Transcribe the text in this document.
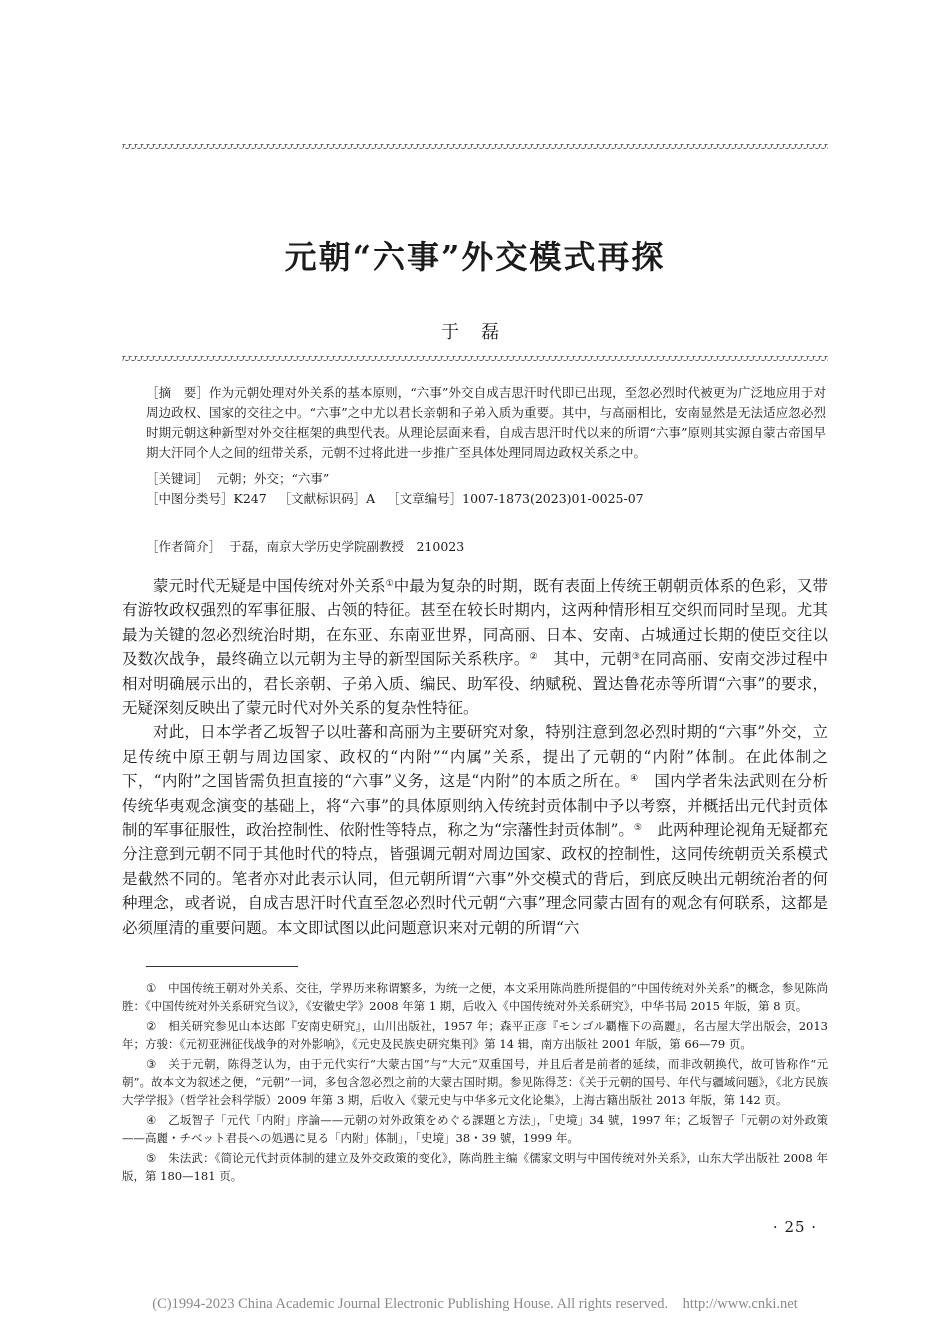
元朝“六事”外交模式再探
于磊
［摘　要］作为元朝处理对外关系的基本原则，“六事”外交自成吉思汗时代即已出现，至忽必烈时代被更为广泛地应用于对周边政权、国家的交往之中。“六事”之中尤以君长亲朝和子弟入质为重要。其中，与高丽相比，安南显然是无法适应忽必烈时期元朝这种新型对外交往框架的典型代表。从理论层面来看，自成吉思汗时代以来的所谓“六事”原则其实源自蒙古帝国早期大汗同个人之间的纽带关系，元朝不过将此进一步推广至具体处理同周边政权关系之中。
［关键词］ 元朝；外交；“六事”
［中图分类号］K247 ［文献标识码］A ［文章编号］1007-1873(2023)01-0025-07
［作者简介］ 于磊，南京大学历史学院副教授　210023

蒙元时代无疑是中国传统对外关系①中最为复杂的时期，既有表面上传统王朝朝贡体系的色彩，又带有游牧政权强烈的军事征服、占领的特征。甚至在较长时期内，这两种情形相互交织而同时呈现。尤其最为关键的忽必烈统治时期，在东亚、东南亚世界，同高丽、日本、安南、占城通过长期的使臣交往以及数次战争，最终确立以元朝为主导的新型国际关系秩序。②　其中，元朝③在同高丽、安南交涉过程中相对明确展示出的，君长亲朝、子弟入质、编民、助军役、纳赋税、置达鲁花赤等所谓“六事”的要求，无疑深刻反映出了蒙元时代对外关系的复杂性特征。

对此，日本学者乙坂智子以吐蕃和高丽为主要研究对象，特别注意到忽必烈时期的“六事”外交，立足传统中原王朝与周边国家、政权的“内附”“内属”关系，提出了元朝的“内附”体制。在此体制之下，“内附”之国皆需负担直接的“六事”义务，这是“内附”的本质之所在。④　国内学者朱法武则在分析传统华夷观念演变的基础上，将“六事”的具体原则纳入传统封贡体制中予以考察，并概括出元代封贡体制的军事征服性，政治控制性、依附性等特点，称之为“宗藩性封贡体制”。⑤　此两种理论视角无疑都充分注意到元朝不同于其他时代的特点，皆强调元朝对周边国家、政权的控制性，这同传统朝贡关系模式是截然不同的。笔者亦对此表示认同，但元朝所谓“六事”外交模式的背后，到底反映出元朝统治者的何种理念，或者说，自成吉思汗时代直至忽必烈时代元朝“六事”理念同蒙古固有的观念有何联系，这都是必须厘清的重要问题。本文即试图以此问题意识来对元朝的所谓“六

① 中国传统王朝对外关系、交往，学界历来称谓繁多，为统一之便，本文采用陈尚胜所提倡的“中国传统对外关系”的概念，参见陈尚胜：《中国传统对外关系研究刍议》，《安徽史学》2008 年第 1 期，后收入《中国传统对外关系研究》，中华书局 2015 年版，第 8 页。

② 相关研究参见山本达郎『安南史研究』，山川出版社，1957 年；森平正彦『モンゴル覇権下の高麗』，名古屋大学出版会，2013 年；方骏：《元初亚洲征伐战争的对外影响》，《元史及民族史研究集刊》第 14 辑，南方出版社 2001 年版，第 66—79 页。

③ 关于元朝，陈得芝认为，由于元代实行“大蒙古国”与“大元”双重国号，并且后者是前者的延续，而非改朝换代，故可皆称作“元朝”。故本文为叙述之便，“元朝”一词，多包含忽必烈之前的大蒙古国时期。参见陈得芝：《关于元朝的国号、年代与疆域问题》，《北方民族大学学报》（哲学社会科学版）2009 年第 3 期，后收入《蒙元史与中华多元文化论集》，上海古籍出版社 2013 年版，第 142 页。

④ 乙坂智子「元代「内附」序論——元朝の対外政策をめぐる課題と方法」，「史境」34 號，1997 年；乙坂智子「元朝の対外政策——高麗・チベット君長への処遇に見る「内附」体制」，「史境」38・39 號，1999 年。

⑤ 朱法武：《简论元代封贡体制的建立及外交政策的变化》，陈尚胜主编《儒家文明与中国传统对外关系》，山东大学出版社 2008 年版，第 180—181 页。

· 25 ·
(C)1994-2023 China Academic Journal Electronic Publishing House. All rights reserved.    http://www.cnki.net
